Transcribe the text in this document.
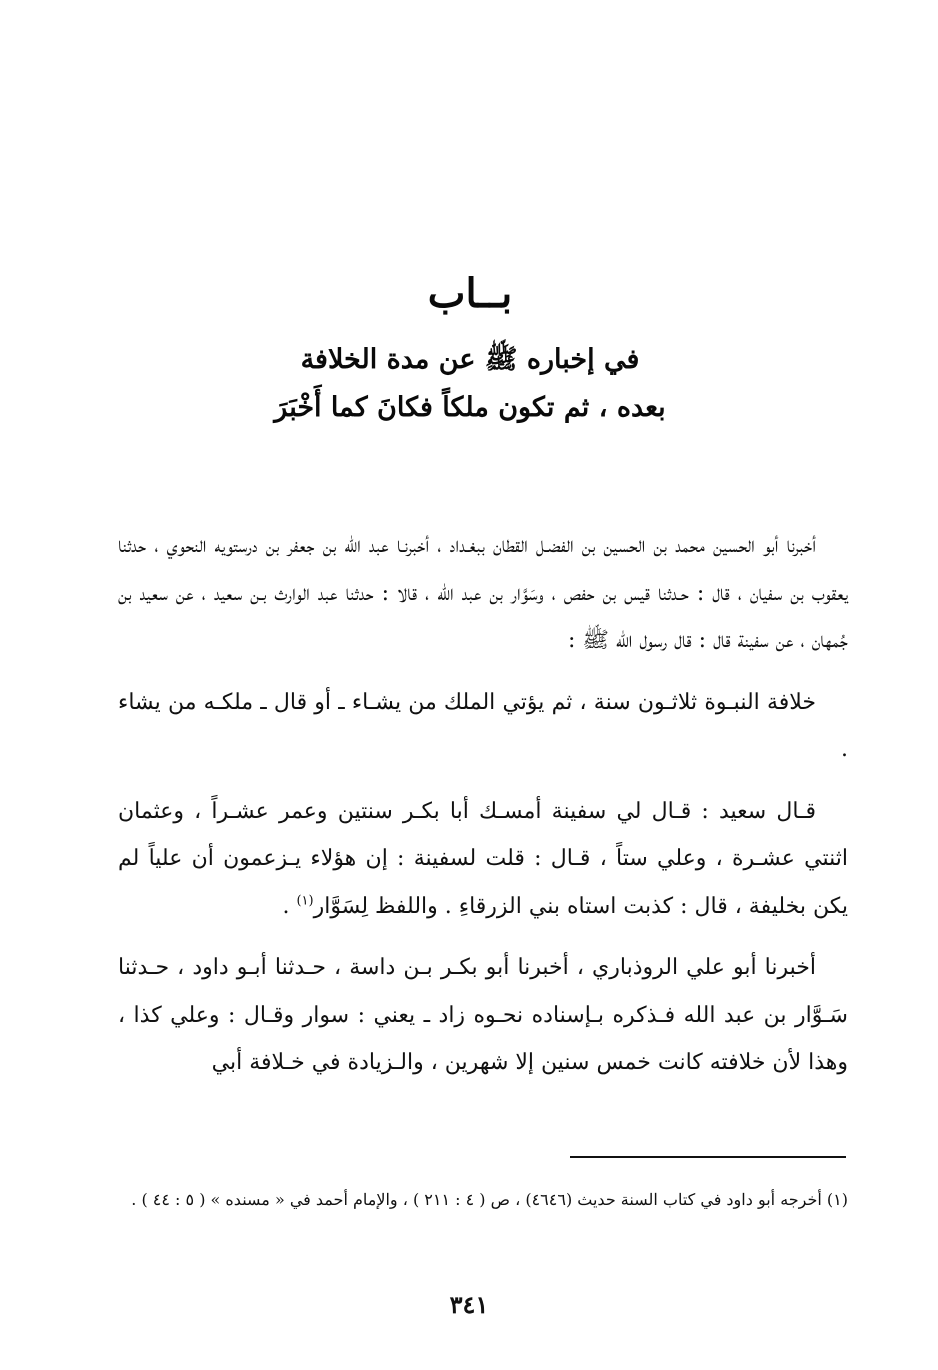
بــاب
في إخباره ﷺ عن مدة الخلافة
بعده ، ثم تكون ملكاً فكانَ كما أَخْبَرَ

أخبرنا أبو الحسين محمد بن الحسين بن الفضـل القطان ببغـداد ، أخبرنـا عبد الله بن جعفر بن درستويه النحوي ، حدثنا يعقوب بن سفيان ، قال : حـدثنا قيس بن حفص ، وسَوَّار بن عبد الله ، قالا : حدثنا عبد الوارث بـن سعيد ، عن سعيد بن جُمهان ، عن سفينة قال : قال رسول الله ﷺ :

خلافة النبـوة ثلاثـون سنة ، ثم يؤتي الملك من يشـاء ـ أو قال ـ ملكـه من يشاء .

قـال سعيد : قـال لي سفينة أمسـك أبا بكـر سنتين وعمر عشـراً ، وعثمان اثنتي عشـرة ، وعلي ستاً ، قـال : قلت لسفينة : إن هؤلاء يـزعمون أن علياً لم يكن بخليفة ، قال : كذبت استاه بني الزرقاءِ . واللفظ لِسَوَّار$^{(١)}$ .

أخبرنا أبو علي الروذباري ، أخبرنا أبو بكـر بـن داسة ، حـدثنا أبـو داود ، حـدثنا سَـوَّار بن عبد الله فـذكره بـإسناده نحـوه زاد ـ يعني : سوار وقـال : وعلي كذا ، وهذا لأن خلافته كانت خمس سنين إلا شهرين ، والـزيادة في خـلافة أبي

(١) أخرجه أبو داود في كتاب السنة حديث (٤٦٤٦) ، ص ( ٤ : ٢١١ ) ، والإمام أحمد في « مسنده » ( ٥ : ٤٤ ) .
٣٤١
